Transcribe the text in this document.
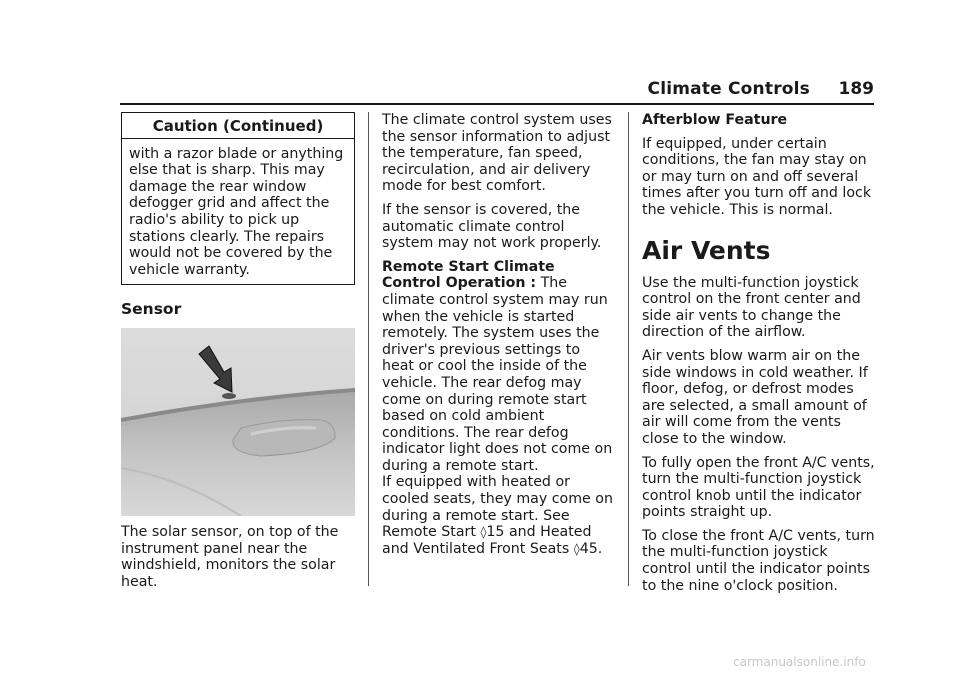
Climate Controls 189
Caution (Continued)

with a razor blade or anything else that is sharp. This may damage the rear window defogger grid and affect the radio's ability to pick up stations clearly. The repairs would not be covered by the vehicle warranty.

Sensor

The solar sensor, on top of the instrument panel near the windshield, monitors the solar heat.

The climate control system uses the sensor information to adjust the temperature, fan speed, recirculation, and air delivery mode for best comfort.

If the sensor is covered, the automatic climate control system may not work properly.

Remote Start Climate Control Operation : The climate control system may run when the vehicle is started remotely. The system uses the driver's previous settings to heat or cool the inside of the vehicle. The rear defog may come on during remote start based on cold ambient conditions. The rear defog indicator light does not come on during a remote start.

If equipped with heated or cooled seats, they may come on during a remote start. See Remote Start ◊15 and Heated and Ventilated Front Seats ◊45.

Afterblow Feature

If equipped, under certain conditions, the fan may stay on or may turn on and off several times after you turn off and lock the vehicle. This is normal.

Air Vents

Use the multi-function joystick control on the front center and side air vents to change the direction of the airflow.

Air vents blow warm air on the side windows in cold weather. If floor, defog, or defrost modes are selected, a small amount of air will come from the vents close to the window.

To fully open the front A/C vents, turn the multi-function joystick control knob until the indicator points straight up.

To close the front A/C vents, turn the multi-function joystick control until the indicator points to the nine o'clock position.

carmanualsonline.info
